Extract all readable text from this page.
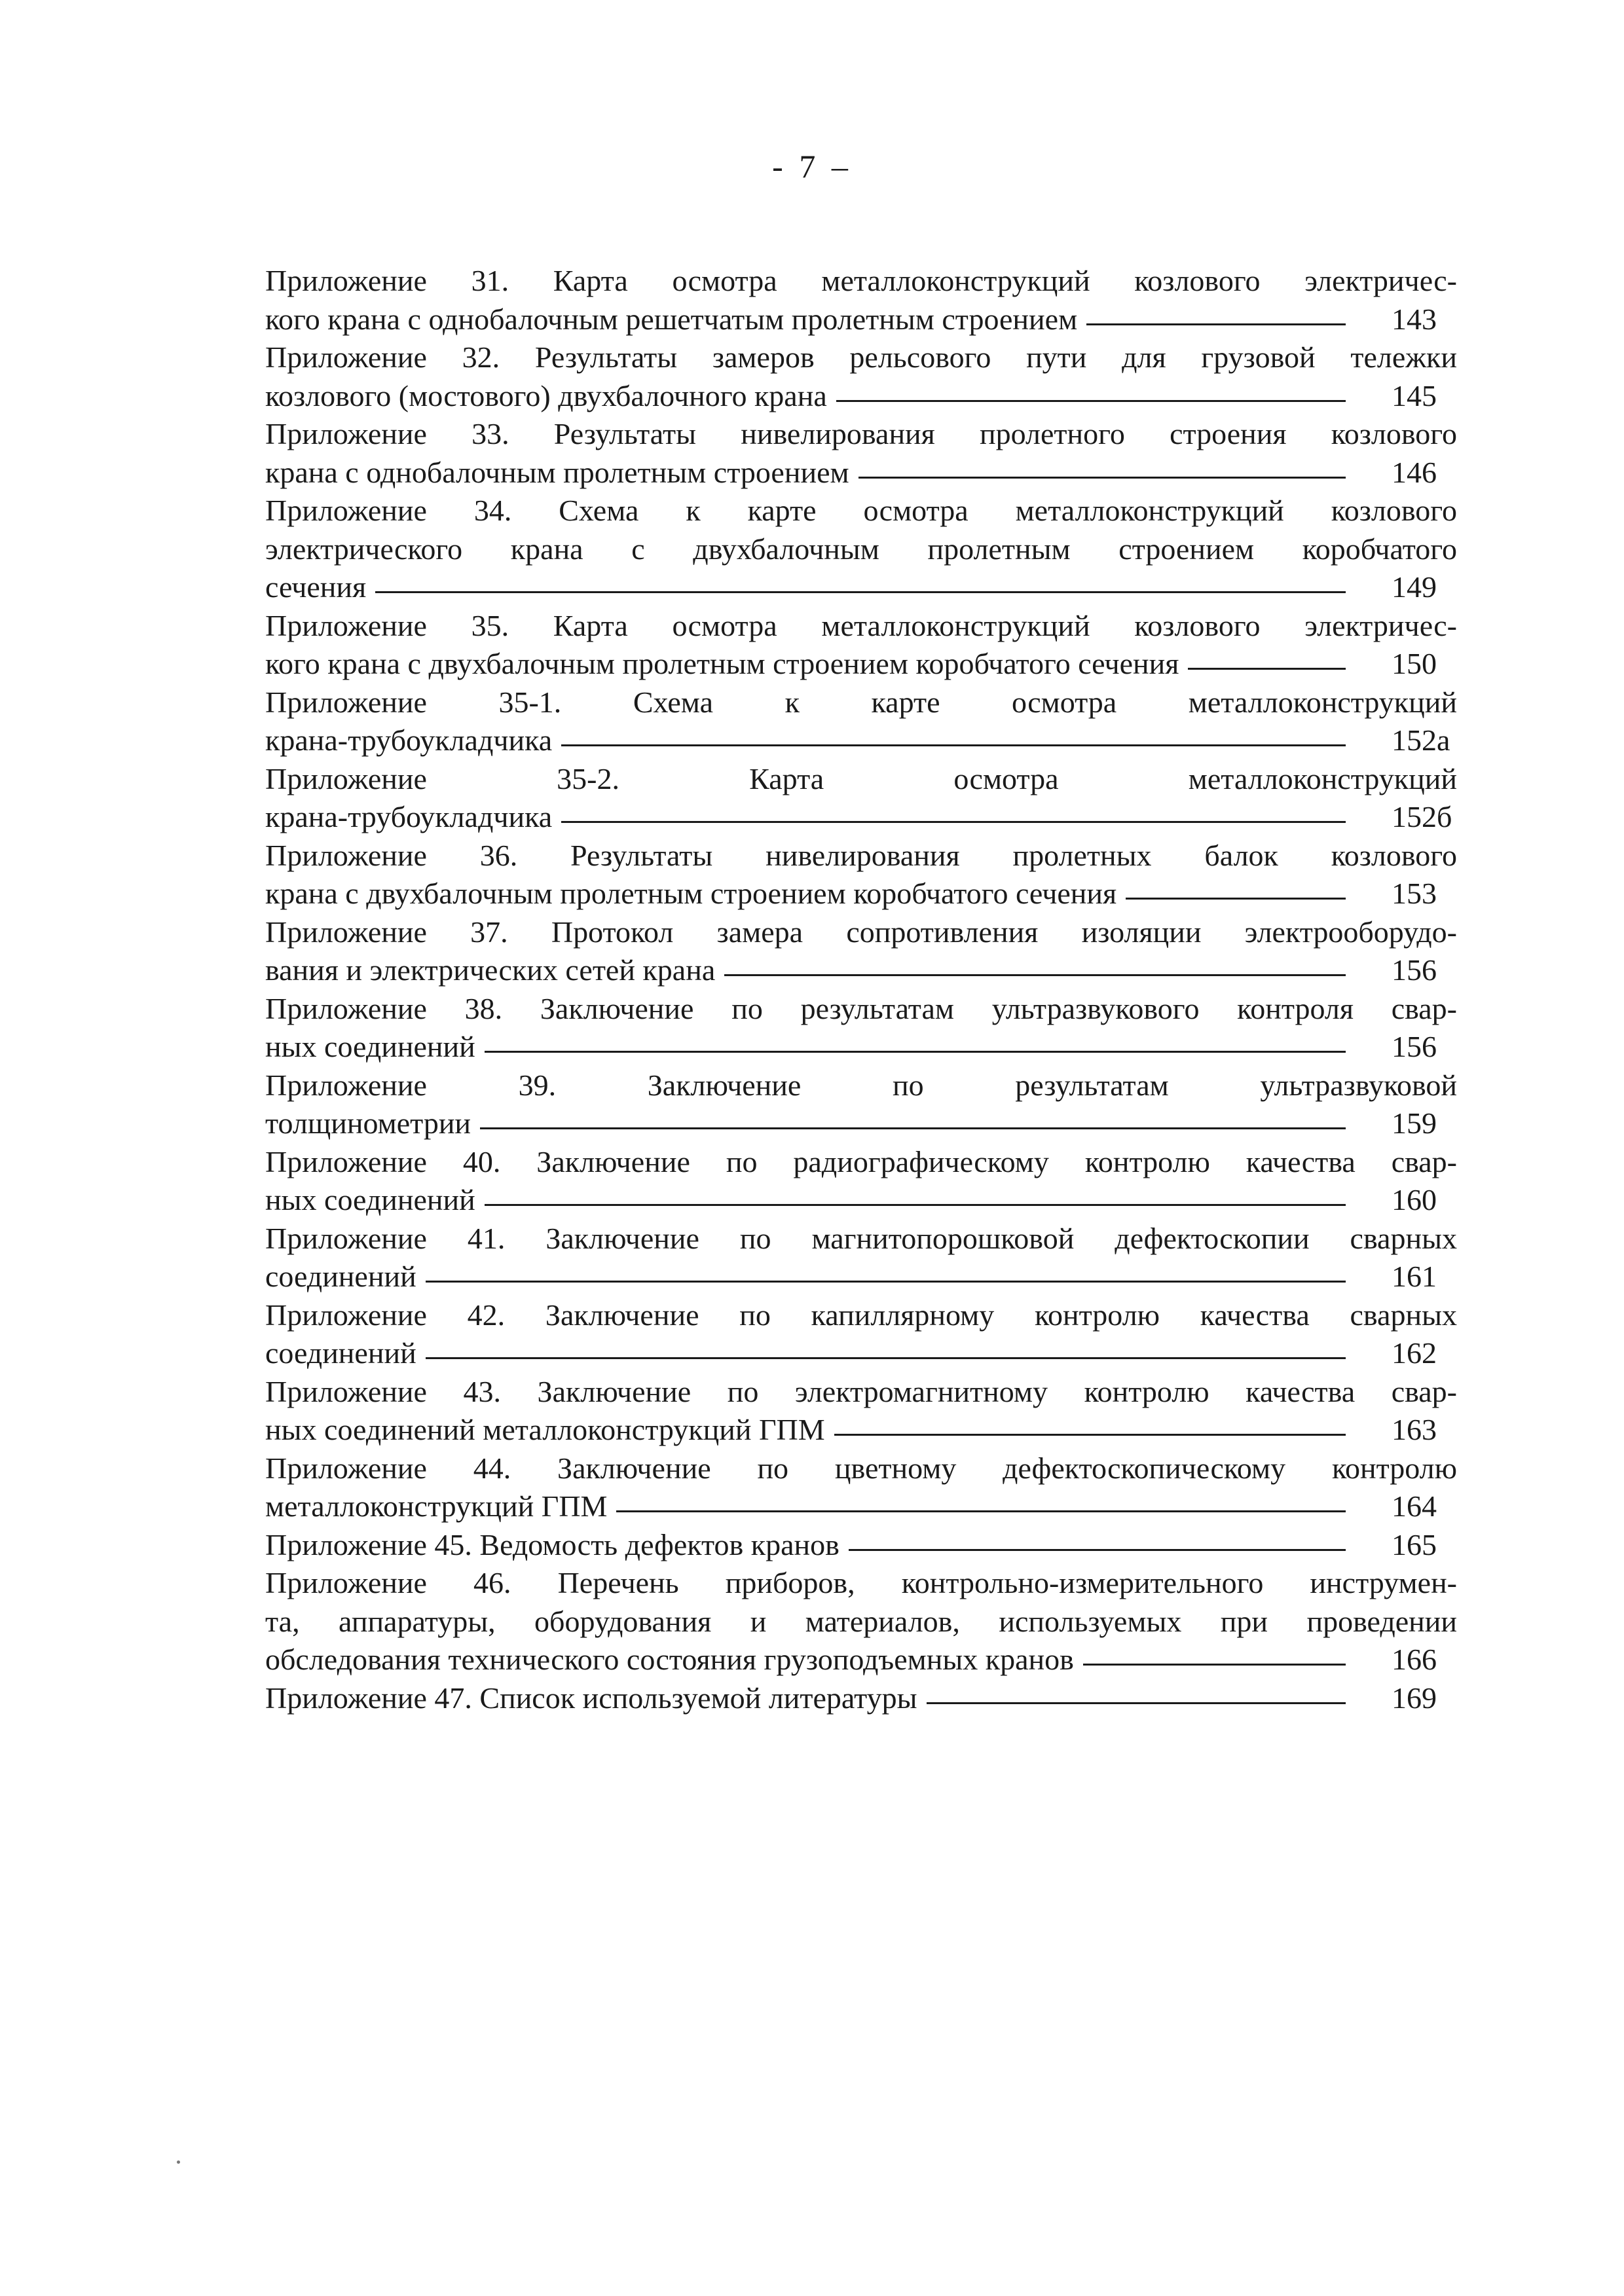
- 7 –
Приложение 31. Карта осмотра металлоконструкций козлового электричес-
кого крана с однобалочным решетчатым пролетным строением	143
Приложение 32. Результаты замеров рельсового пути для грузовой тележки
козлового (мостового) двухбалочного крана	145
Приложение 33. Результаты нивелирования пролетного строения козлового
крана с однобалочным пролетным строением	146
Приложение 34. Схема к карте осмотра металлоконструкций козлового
электрического крана с двухбалочным пролетным строением коробчатого
сечения	149
Приложение 35. Карта осмотра металлоконструкций козлового электричес-
кого крана с двухбалочным пролетным строением коробчатого сечения	150
Приложение 35-1. Схема к карте осмотра металлоконструкций
крана-трубоукладчика	152а
Приложение 35-2. Карта осмотра металлоконструкций
крана-трубоукладчика	152б
Приложение 36. Результаты нивелирования пролетных балок козлового
крана с двухбалочным пролетным строением коробчатого сечения	153
Приложение 37. Протокол замера сопротивления изоляции электрооборудо-
вания и электрических сетей крана	156
Приложение 38. Заключение по результатам ультразвукового контроля свар-
ных соединений	156
Приложение 39. Заключение по результатам ультразвуковой
толщинометрии	159
Приложение 40. Заключение по радиографическому контролю качества свар-
ных соединений	160
Приложение 41. Заключение по магнитопорошковой дефектоскопии сварных
соединений	161
Приложение 42. Заключение по капиллярному контролю качества сварных
соединений	162
Приложение 43. Заключение по электромагнитному контролю качества свар-
ных соединений металлоконструкций ГПМ	163
Приложение 44. Заключение по цветному дефектоскопическому контролю
металлоконструкций ГПМ	164
Приложение 45. Ведомость дефектов кранов	165
Приложение 46. Перечень приборов, контрольно-измерительного инструмен-
та, аппаратуры, оборудования и материалов, используемых при проведении
обследования технического состояния грузоподъемных кранов	166
Приложение 47. Список используемой литературы	169
